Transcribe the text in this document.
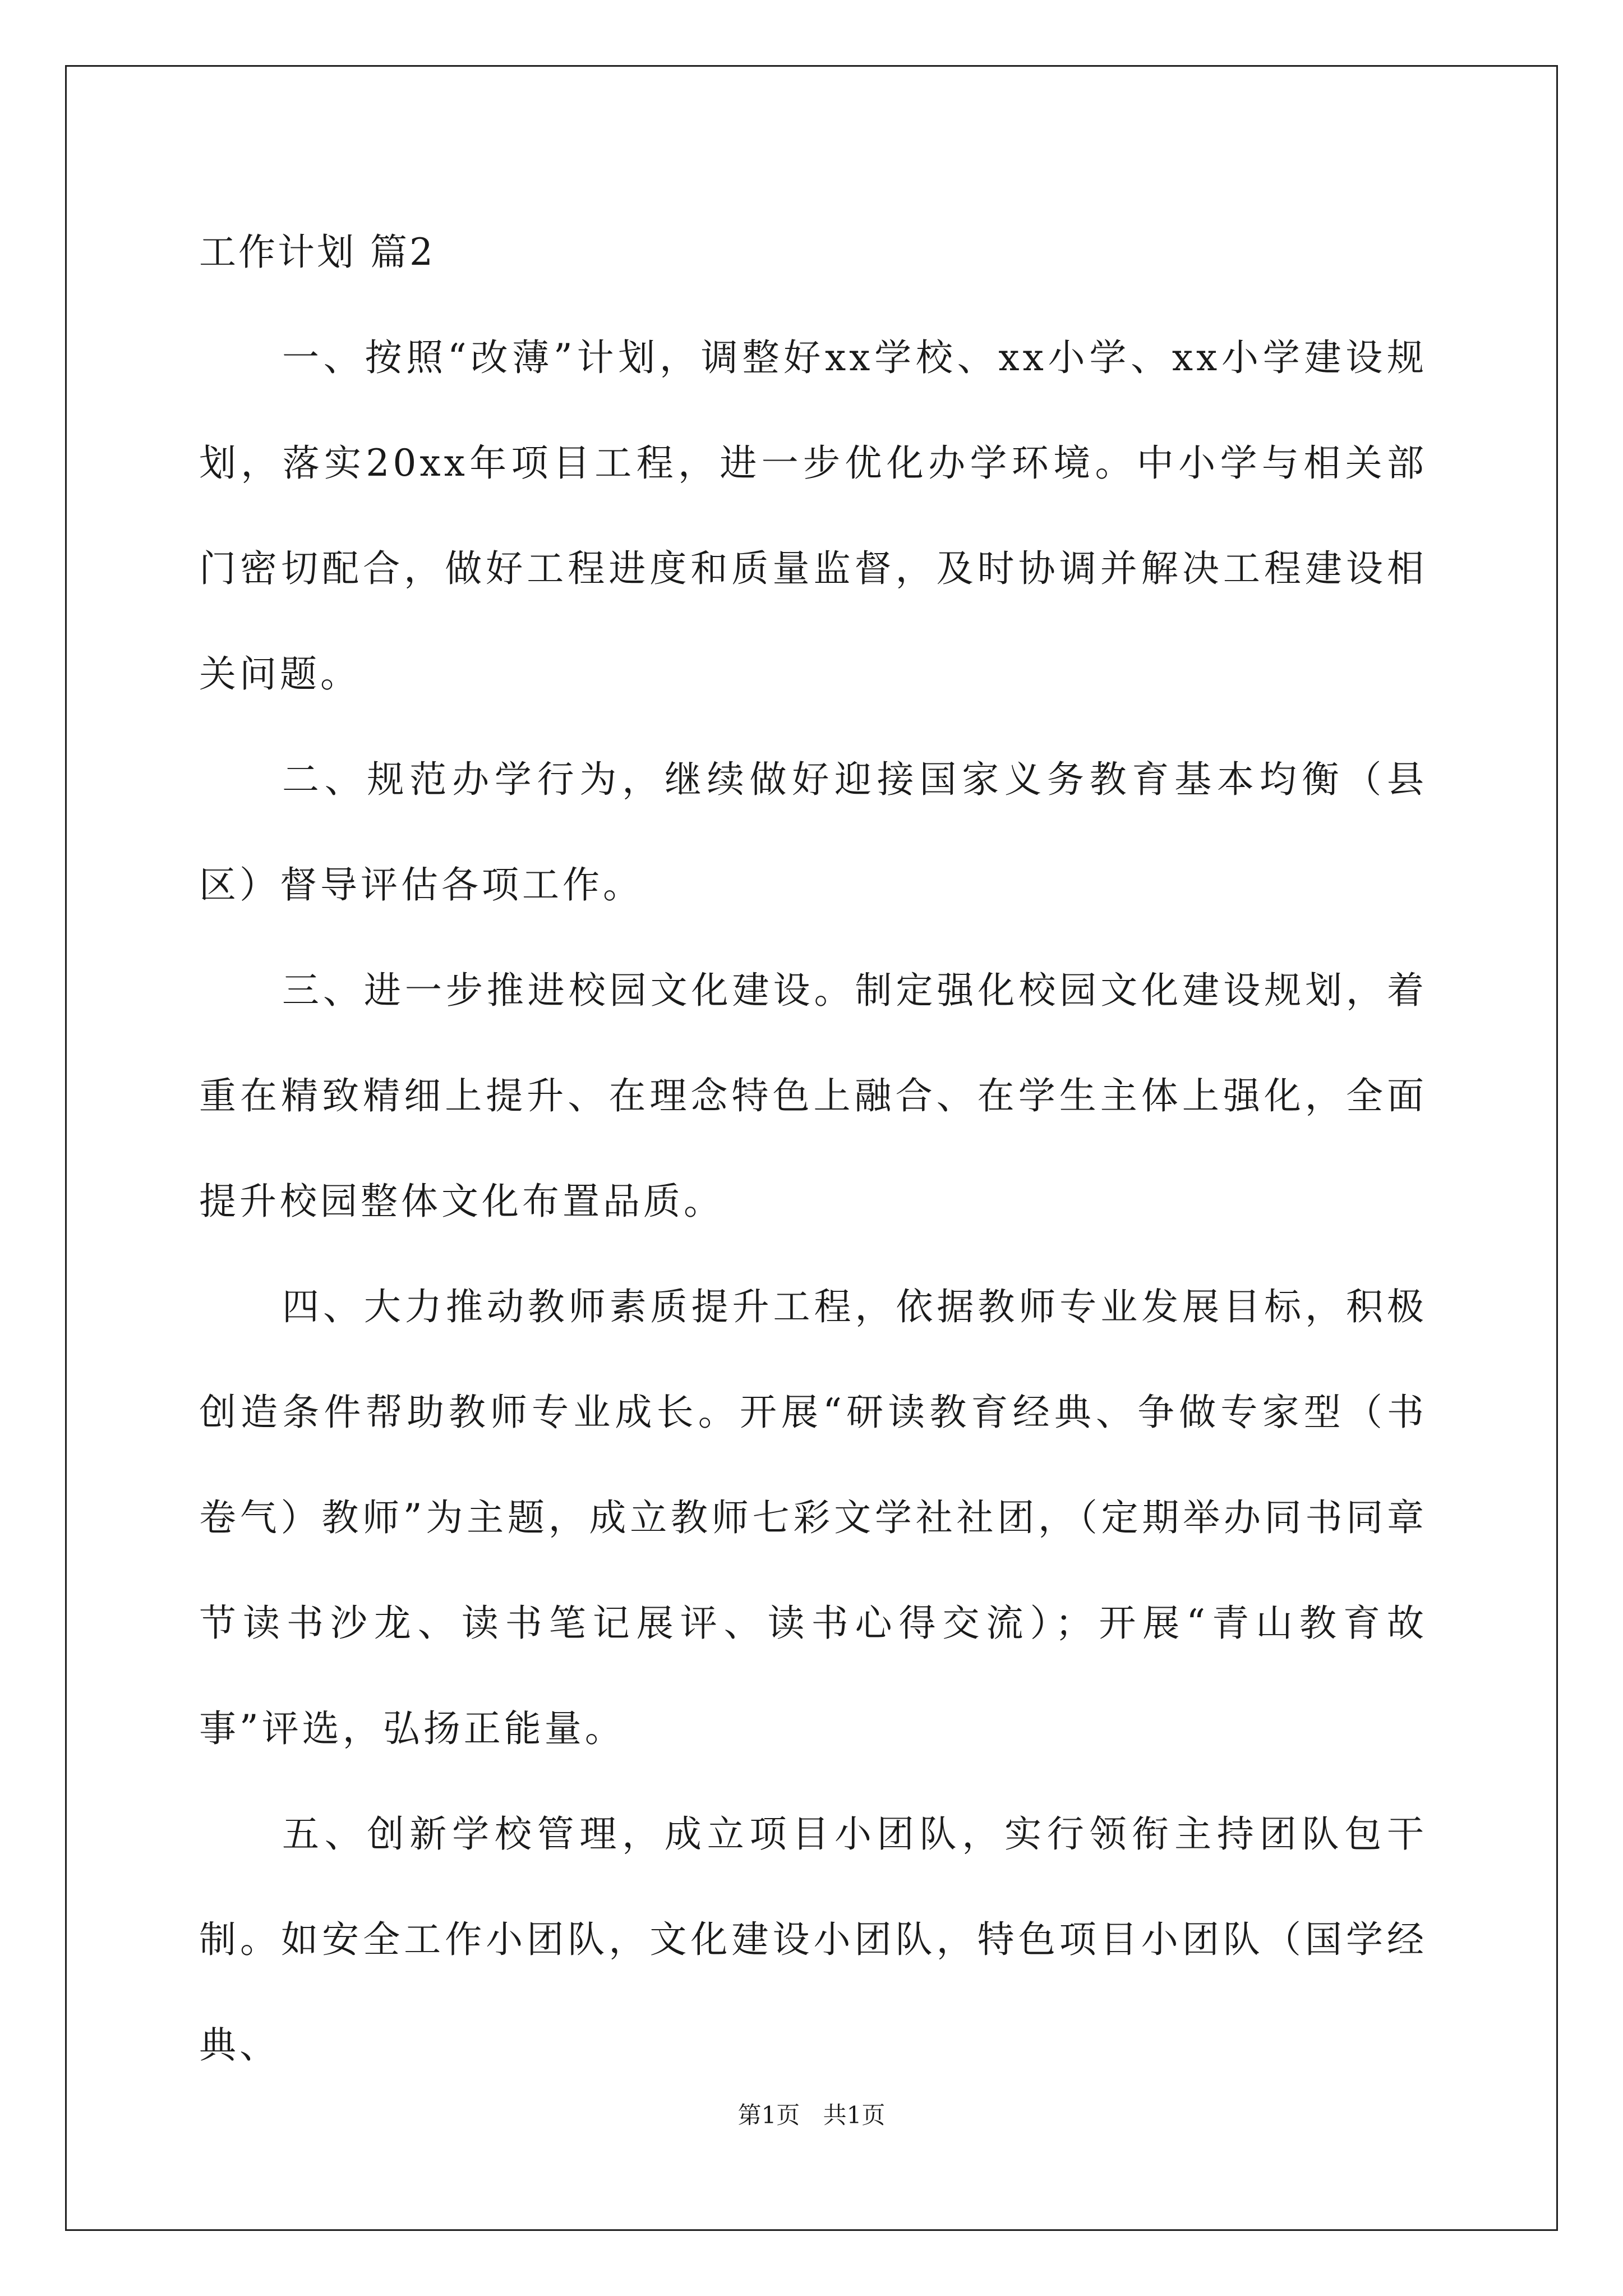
工作计划 篇2

一、按照“改薄”计划，调整好xx学校、xx小学、xx小学建设规划，落实20xx年项目工程，进一步优化办学环境。中小学与相关部门密切配合，做好工程进度和质量监督，及时协调并解决工程建设相关问题。

二、规范办学行为，继续做好迎接国家义务教育基本均衡（县区）督导评估各项工作。

三、进一步推进校园文化建设。制定强化校园文化建设规划，着重在精致精细上提升、在理念特色上融合、在学生主体上强化，全面提升校园整体文化布置品质。

四、大力推动教师素质提升工程，依据教师专业发展目标，积极创造条件帮助教师专业成长。开展“研读教育经典、争做专家型（书卷气）教师”为主题，成立教师七彩文学社社团，（定期举办同书同章节读书沙龙、读书笔记展评、读书心得交流）；开展“青山教育故事”评选，弘扬正能量。

五、创新学校管理，成立项目小团队，实行领衔主持团队包干制。如安全工作小团队，文化建设小团队，特色项目小团队（国学经典、

第1页 共1页
